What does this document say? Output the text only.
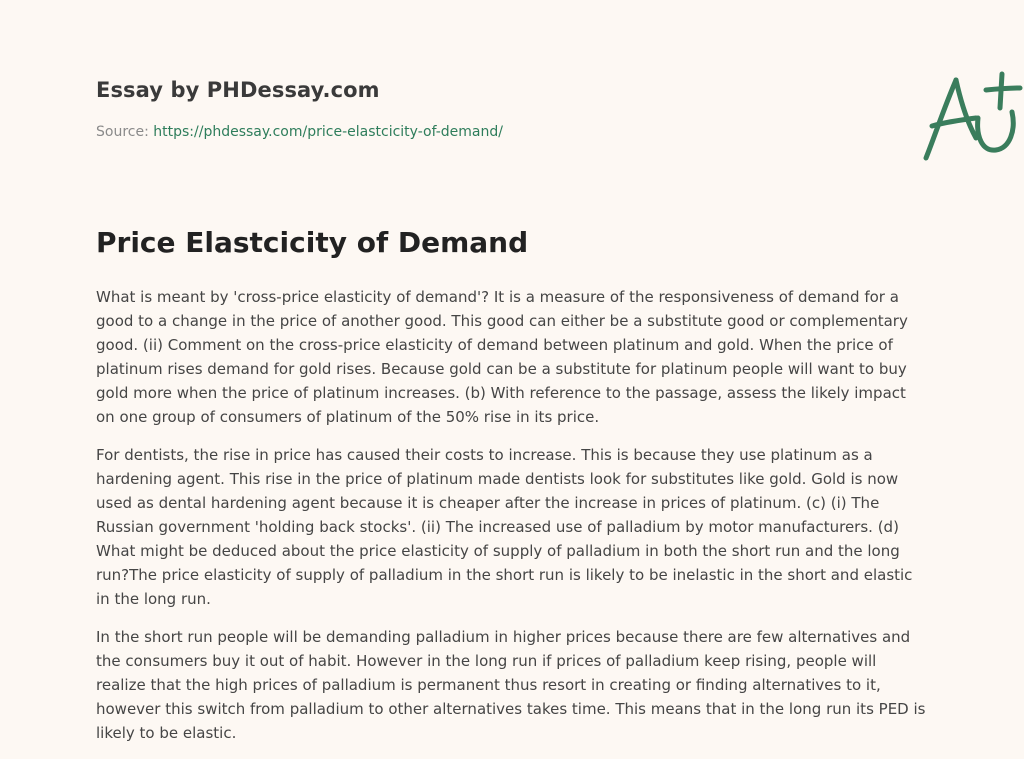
Essay by PHDessay.com
Source: https://phdessay.com/price-elastcicity-of-demand/
Price Elastcicity of Demand

What is meant by 'cross-price elasticity of demand'? It is a measure of the responsiveness of demand for a good to a change in the price of another good. This good can either be a substitute good or complementary good. (ii) Comment on the cross-price elasticity of demand between platinum and gold. When the price of platinum rises demand for gold rises. Because gold can be a substitute for platinum people will want to buy gold more when the price of platinum increases. (b) With reference to the passage, assess the likely impact on one group of consumers of platinum of the 50% rise in its price.

For dentists, the rise in price has caused their costs to increase. This is because they use platinum as a hardening agent. This rise in the price of platinum made dentists look for substitutes like gold. Gold is now used as dental hardening agent because it is cheaper after the increase in prices of platinum. (c) (i) The Russian government 'holding back stocks'. (ii) The increased use of palladium by motor manufacturers. (d) What might be deduced about the price elasticity of supply of palladium in both the short run and the long run?The price elasticity of supply of palladium in the short run is likely to be inelastic in the short and elastic in the long run.

In the short run people will be demanding palladium in higher prices because there are few alternatives and the consumers buy it out of habit. However in the long run if prices of palladium keep rising, people will realize that the high prices of palladium is permanent thus resort in creating or finding alternatives to it, however this switch from palladium to other alternatives takes time. This means that in the long run its PED is likely to be elastic.
